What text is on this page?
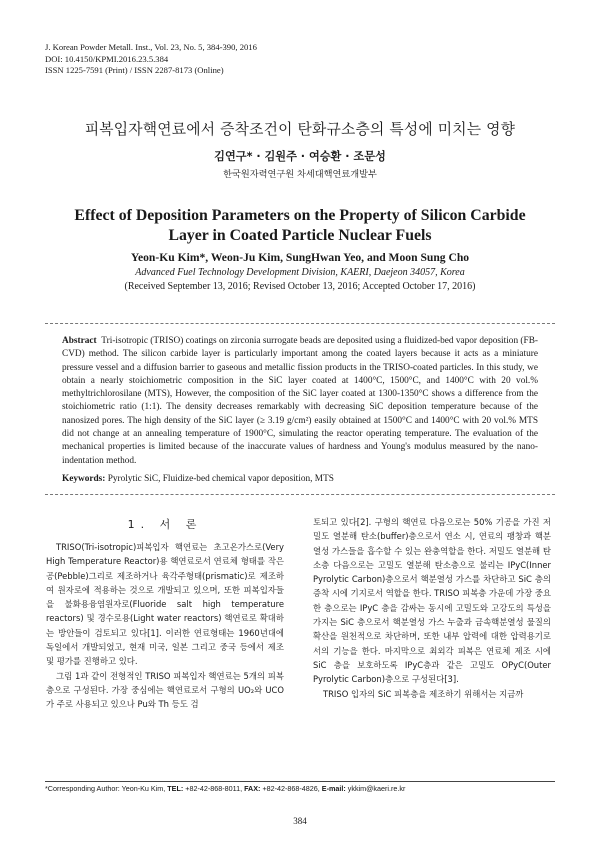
J. Korean Powder Metall. Inst., Vol. 23, No. 5, 384-390, 2016
DOI: 10.4150/KPMI.2016.23.5.384
ISSN 1225-7591 (Print) / ISSN 2287-8173 (Online)
피복입자핵연료에서 증착조건이 탄화규소층의 특성에 미치는 영향
김연구* · 김원주 · 여승환 · 조문성
한국원자력연구원 차세대핵연료개발부
Effect of Deposition Parameters on the Property of Silicon Carbide Layer in Coated Particle Nuclear Fuels
Yeon-Ku Kim*, Weon-Ju Kim, SungHwan Yeo, and Moon Sung Cho
Advanced Fuel Technology Development Division, KAERI, Daejeon 34057, Korea
(Received September 13, 2016; Revised October 13, 2016; Accepted October 17, 2016)
Abstract Tri-isotropic (TRISO) coatings on zirconia surrogate beads are deposited using a fluidized-bed vapor deposition (FB-CVD) method. The silicon carbide layer is particularly important among the coated layers because it acts as a miniature pressure vessel and a diffusion barrier to gaseous and metallic fission products in the TRISO-coated particles. In this study, we obtain a nearly stoichiometric composition in the SiC layer coated at 1400°C, 1500°C, and 1400°C with 20 vol.% methyltrichlorosilane (MTS), However, the composition of the SiC layer coated at 1300-1350°C shows a difference from the stoichiometric ratio (1:1). The density decreases remarkably with decreasing SiC deposition temperature because of the nanosized pores. The high density of the SiC layer (≥ 3.19 g/cm²) easily obtained at 1500°C and 1400°C with 20 vol.% MTS did not change at an annealing temperature of 1900°C, simulating the reactor operating temperature. The evaluation of the mechanical properties is limited because of the inaccurate values of hardness and Young's modulus measured by the nano-indentation method.
Keywords: Pyrolytic SiC, Fluidize-bed chemical vapor deposition, MTS
1. 서 론

TRISO(Tri-isotropic)피복입자 핵연료는 초고온가스로(Very High Temperature Reactor)용 핵연료로서 연료체 형태를 작은 공(Pebble)그리로 제조하거나 육각주형태(prismatic)로 제조하여 원자로에 적용하는 것으로 개발되고 있으며, 또한 피복입자들을 불화용융염원자로(Fluoride salt high temperature reactors) 및 경수로용(Light water reactors) 핵연료로 확대하는 방안들이 검토되고 있다[1]. 이러한 연료형태는 1960년대에 독일에서 개발되었고, 현재 미국, 일본 그리고 중국 등에서 제조 및 평가를 진행하고 있다.

그림 1과 같이 전형적인 TRISO 피복입자 핵연료는 5개의 피복층으로 구성된다. 가장 중심에는 핵연료로서 구형의 UO₂와 UCO가 주로 사용되고 있으나 Pu와 Th 등도 검

토되고 있다[2]. 구형의 핵연료 다음으로는 50% 기공을 가진 저밀도 열분해 탄소(buffer)층으로서 연소 시, 연료의 팽창과 핵분열성 가스들을 흡수할 수 있는 완충역할을 한다. 저밀도 열분해 탄소층 다음으로는 고밀도 열분해 탄소층으로 불리는 IPyC(Inner Pyrolytic Carbon)층으로서 핵분열성 가스를 차단하고 SiC 층의 증착 시에 기지로서 역할을 한다. TRISO 피복층 가운데 가장 중요한 층으로는 IPyC 층을 감싸는 동시에 고밀도와 고강도의 특성을 가지는 SiC 층으로서 핵분열성 가스 누출과 금속핵분열성 물질의 확산을 원천적으로 차단하며, 또한 내부 압력에 대한 압력용기로서의 기능을 한다. 마지막으로 최외각 피복은 연료체 제조 시에 SiC 층을 보호하도록 IPyC층과 같은 고밀도 OPyC(Outer Pyrolytic Carbon)층으로 구성된다[3].

TRISO 입자의 SiC 피복층을 제조하기 위해서는 지금까

*Corresponding Author: Yeon-Ku Kim, TEL: +82-42-868-8011, FAX: +82-42-868-4826, E-mail: ykkim@kaeri.re.kr
384
